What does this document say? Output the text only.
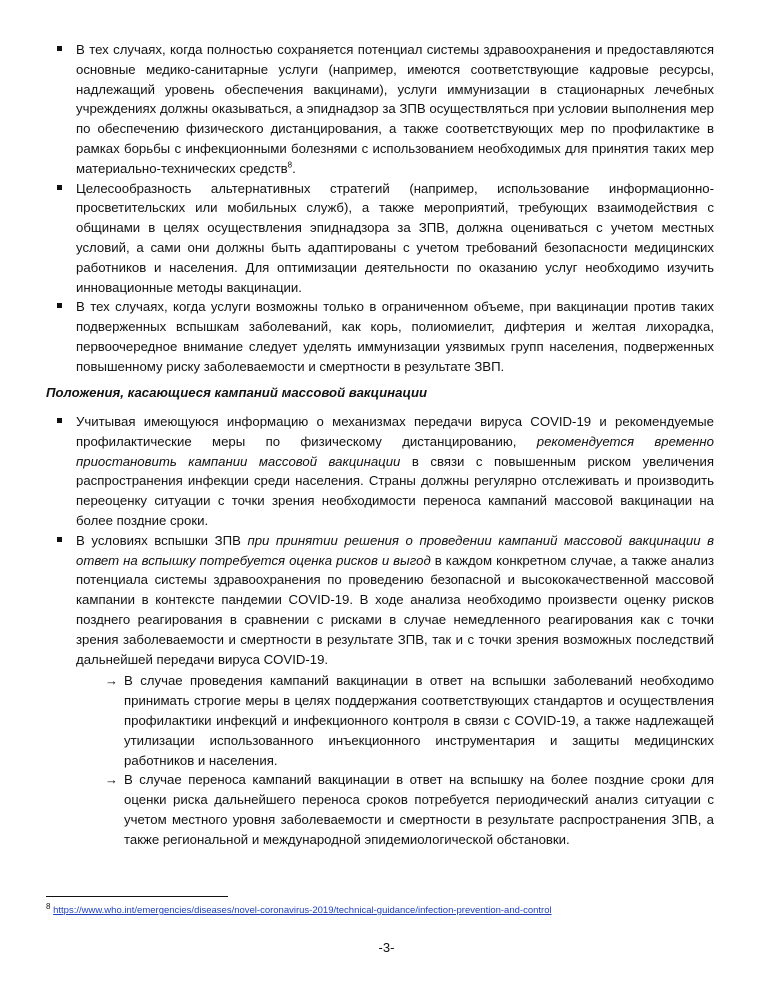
В тех случаях, когда полностью сохраняется потенциал системы здравоохранения и предоставляются основные медико-санитарные услуги (например, имеются соответствующие кадровые ресурсы, надлежащий уровень обеспечения вакцинами), услуги иммунизации в стационарных лечебных учреждениях должны оказываться, а эпиднадзор за ЗПВ осуществляться при условии выполнения мер по обеспечению физического дистанцирования, а также соответствующих мер по профилактике в рамках борьбы с инфекционными болезнями с использованием необходимых для принятия таких мер материально-технических средств$^8$.
Целесообразность альтернативных стратегий (например, использование информационно-просветительских или мобильных служб), а также мероприятий, требующих взаимодействия с общинами в целях осуществления эпиднадзора за ЗПВ, должна оцениваться с учетом местных условий, а сами они должны быть адаптированы с учетом требований безопасности медицинских работников и населения. Для оптимизации деятельности по оказанию услуг необходимо изучить инновационные методы вакцинации.
В тех случаях, когда услуги возможны только в ограниченном объеме, при вакцинации против таких подверженных вспышкам заболеваний, как корь, полиомиелит, дифтерия и желтая лихорадка, первоочередное внимание следует уделять иммунизации уязвимых групп населения, подверженных повышенному риску заболеваемости и смертности в результате ЗВП.
Положения, касающиеся кампаний массовой вакцинации
Учитывая имеющуюся информацию о механизмах передачи вируса COVID-19 и рекомендуемые профилактические меры по физическому дистанцированию, рекомендуется временно приостановить кампании массовой вакцинации в связи с повышенным риском увеличения распространения инфекции среди населения. Страны должны регулярно отслеживать и производить переоценку ситуации с точки зрения необходимости переноса кампаний массовой вакцинации на более поздние сроки.
В условиях вспышки ЗПВ при принятии решения о проведении кампаний массовой вакцинации в ответ на вспышку потребуется оценка рисков и выгод в каждом конкретном случае, а также анализ потенциала системы здравоохранения по проведению безопасной и высококачественной массовой кампании в контексте пандемии COVID-19. В ходе анализа необходимо произвести оценку рисков позднего реагирования в сравнении с рисками в случае немедленного реагирования как с точки зрения заболеваемости и смертности в результате ЗПВ, так и с точки зрения возможных последствий дальнейшей передачи вируса COVID-19.
→ В случае проведения кампаний вакцинации в ответ на вспышки заболеваний необходимо принимать строгие меры в целях поддержания соответствующих стандартов и осуществления профилактики инфекций и инфекционного контроля в связи с COVID-19, а также надлежащей утилизации использованного инъекционного инструментария и защиты медицинских работников и населения.
→ В случае переноса кампаний вакцинации в ответ на вспышку на более поздние сроки для оценки риска дальнейшего переноса сроков потребуется периодический анализ ситуации с учетом местного уровня заболеваемости и смертности в результате распространения ЗПВ, а также региональной и международной эпидемиологической обстановки.
$^8$ https://www.who.int/emergencies/diseases/novel-coronavirus-2019/technical-guidance/infection-prevention-and-control
-3-
